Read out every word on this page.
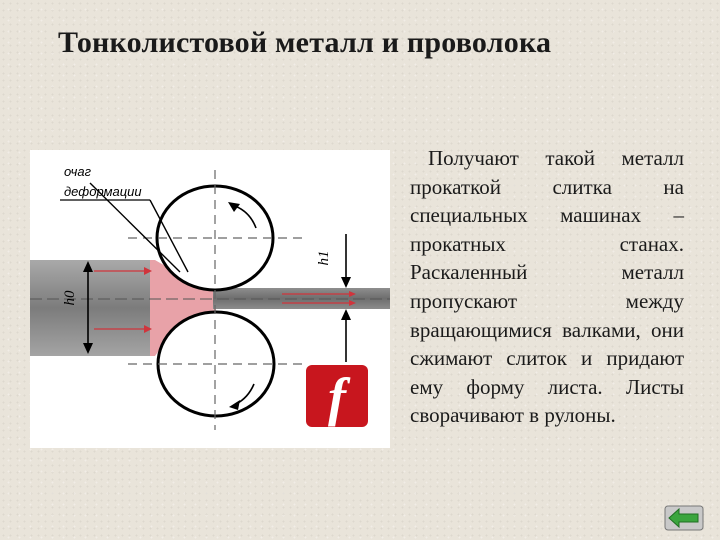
Тонколистовой металл и проволока
h0
h1
очаг
деформации
f
Получают такой металл прокаткой слитка на специальных машинах – прокатных станах. Раскаленный металл пропускают между вращающимися валками, они сжимают слиток и придают ему форму листа. Листы сворачивают в рулоны.
